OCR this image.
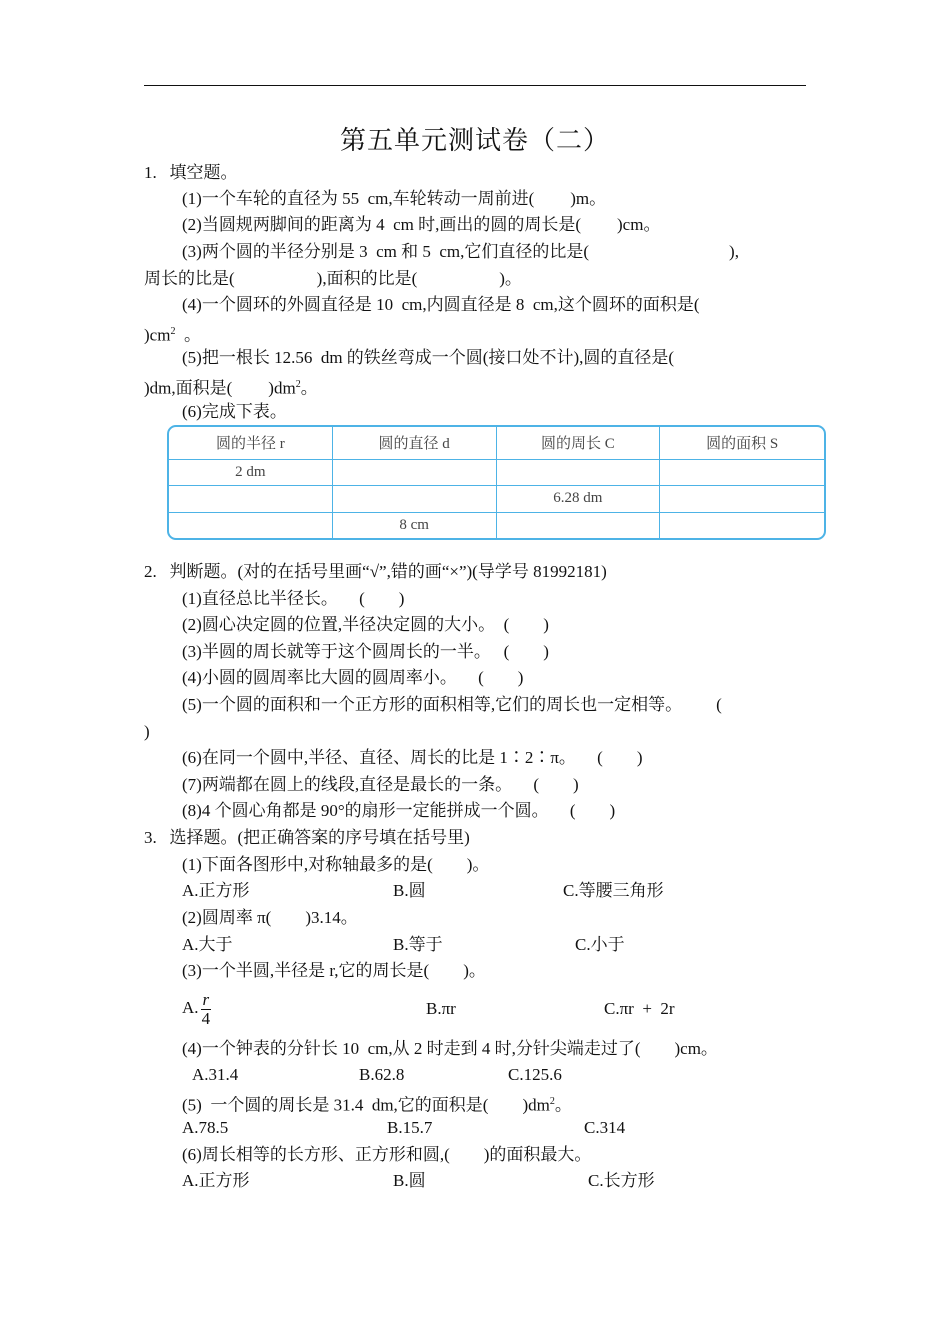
第五单元测试卷（二）
1.   填空题。
(1)一个车轮的直径为 55  cm,车轮转动一周前进( )m。
(2)当圆规两脚间的距离为 4  cm 时,画出的圆的周长是( )cm。
(3)两个圆的半径分别是 3  cm 和 5  cm,它们直径的比是(	),
周长的比是(	),面积的比是(	)。
(4)一个圆环的外圆直径是 10  cm,内圆直径是 8  cm,这个圆环的面积是(
)$cm^2$  。
(5)把一根长 12.56  dm 的铁丝弯成一个圆(接口处不计),圆的直径是(
)dm,面积是( )$dm^2$。
(6)完成下表。
圆的半径 r	圆的直径 d	圆的周长 C	圆的面积 S
2 dm			
		6.28 dm	
	8 cm		
2.   判断题。(对的在括号里画“√”,错的画“×”)(导学号 81992181)
(1)直径总比半径长。     (        )
(2)圆心决定圆的位置,半径决定圆的大小。  (        )
(3)半圆的周长就等于这个圆周长的一半。   (        )
(4)小圆的圆周率比大圆的圆周率小。     (        )
(5)一个圆的面积和一个正方形的面积相等,它们的周长也一定相等。        (
)
(6)在同一个圆中,半径、直径、周长的比是 1∶2∶π。     (        )
(7)两端都在圆上的线段,直径是最长的一条。     (        )
(8)4 个圆心角都是 90°的扇形一定能拼成一个圆。     (        )
3.   选择题。(把正确答案的序号填在括号里)
(1)下面各图形中,对称轴最多的是(        )。
A.正方形	B.圆	C.等腰三角形
(2)圆周率 π(        )3.14。
A.大于	B.等于	C.小于
(3)一个半圆,半径是 r,它的周长是(        )。
A. $\frac{r}{4}$	B.πr	C.πr  +  2r
(4)一个钟表的分针长 10  cm,从 2 时走到 4 时,分针尖端走过了(        )cm。
A.31.4	B.62.8	C.125.6
(5)  一个圆的周长是 31.4  dm,它的面积是(        )$dm^2$。
A.78.5	B.15.7	C.314
(6)周长相等的长方形、正方形和圆,(        )的面积最大。
A.正方形	B.圆	C.长方形
